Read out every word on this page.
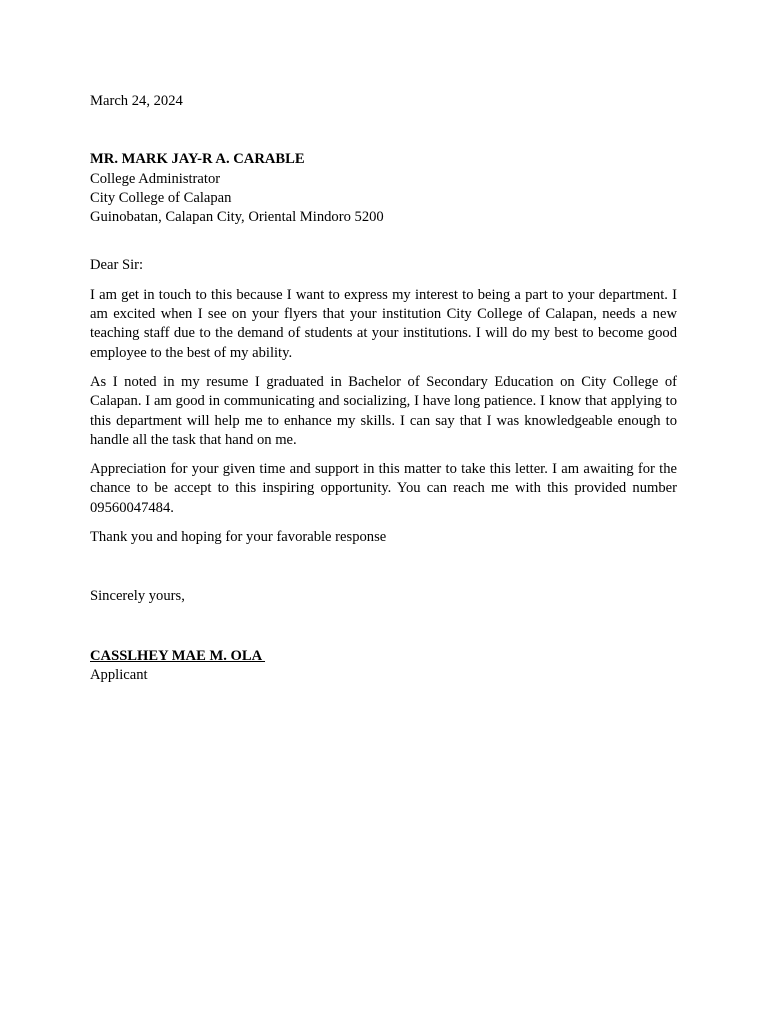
March 24, 2024
MR. MARK JAY-R A. CARABLE
College Administrator
City College of Calapan
Guinobatan, Calapan City, Oriental Mindoro 5200
Dear Sir:

I am get in touch to this because I want to express my interest to being a part to your department. I am excited when I see on your flyers that your institution City College of Calapan, needs a new teaching staff due to the demand of students at your institutions. I will do my best to become good employee to the best of my ability.

As I noted in my resume I graduated in Bachelor of Secondary Education on City College of Calapan. I am good in communicating and socializing, I have long patience. I know that applying to this department will help me to enhance my skills. I can say that I was knowledgeable enough to handle all the task that hand on me.

Appreciation for your given time and support in this matter to take this letter. I am awaiting for the chance to be accept to this inspiring opportunity. You can reach me with this provided number 09560047484.

Thank you and hoping for your favorable response

Sincerely yours,
CASSLHEY MAE M. OLA
Applicant
